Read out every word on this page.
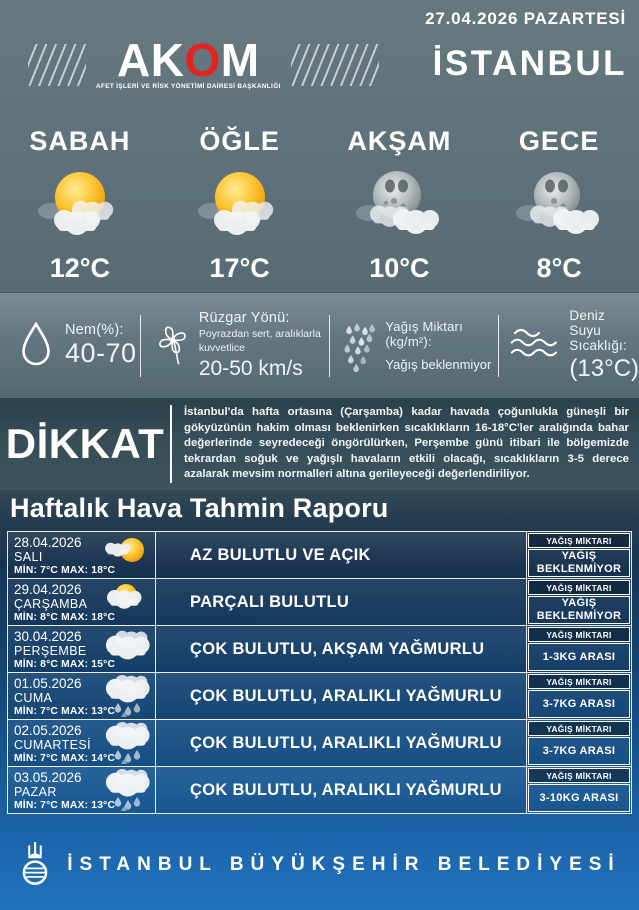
27.04.2026 PAZARTESİ
AKOM
AFET İŞLERİ VE RİSK YÖNETİMİ DAİRESİ BAŞKANLIĞI
İSTANBUL
SABAH
12°C
ÖĞLE
17°C
AKŞAM
10°C
GECE
8°C
Nem(%):
40-70
Rüzgar Yönü:
Poyrazdan sert, aralıklarla kuvvetlice
20-50 km/s
Yağış Miktarı (kg/m²):
Yağış beklenmiyor
Deniz Suyu Sıcaklığı:
(13°C)
DİKKAT
İstanbul'da hafta ortasına (Çarşamba) kadar havada çoğunlukla güneşli bir gökyüzünün hakim olması beklenirken sıcaklıkların 16-18°C'ler aralığında bahar değerlerinde seyredeceği öngörülürken, Perşembe günü itibari ile bölgemizde tekrardan soğuk ve yağışlı havaların etkili olacağı, sıcaklıkların 3-5 derece azalarak mevsim normalleri altına gerileyeceği değerlendiriliyor.
Haftalık Hava Tahmin Raporu
28.04.2026
SALI
MİN: 7°C MAX: 18°C
AZ BULUTLU VE AÇIK
YAĞIŞ MİKTARI
YAĞIŞ BEKLENMİYOR
29.04.2026
ÇARŞAMBA
MİN: 8°C MAX: 18°C
PARÇALI BULUTLU
YAĞIŞ MİKTARI
YAĞIŞ BEKLENMİYOR
30.04.2026
PERŞEMBE
MİN: 8°C MAX: 15°C
ÇOK BULUTLU, AKŞAM YAĞMURLU
YAĞIŞ MİKTARI
1-3KG ARASI
01.05.2026
CUMA
MİN: 7°C MAX: 13°C
ÇOK BULUTLU, ARALIKLI YAĞMURLU
YAĞIŞ MİKTARI
3-7KG ARASI
02.05.2026
CUMARTESİ
MİN: 7°C MAX: 14°C
ÇOK BULUTLU, ARALIKLI YAĞMURLU
YAĞIŞ MİKTARI
3-7KG ARASI
03.05.2026
PAZAR
MİN: 7°C MAX: 13°C
ÇOK BULUTLU, ARALIKLI YAĞMURLU
YAĞIŞ MİKTARI
3-10KG ARASI
İSTANBUL BÜYÜKŞEHİR BELEDİYESİ
